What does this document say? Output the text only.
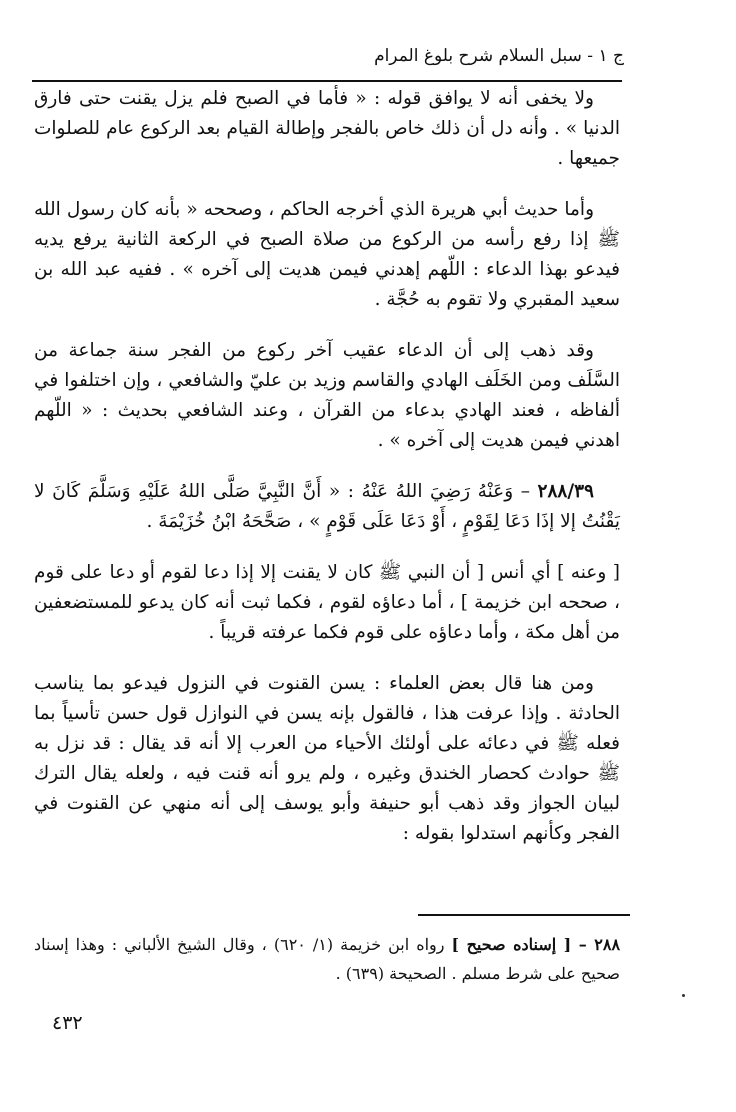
ج ١ - سبل السلام شرح بلوغ المرام

ولا يخفى أنه لا يوافق قوله : « فأما في الصبح فلم يزل يقنت حتى فارق الدنيا » . وأنه دل أن ذلك خاص بالفجر وإطالة القيام بعد الركوع عام للصلوات جميعها .

وأما حديث أبي هريرة الذي أخرجه الحاكم ، وصححه « بأنه كان رسول الله ﷺ إذا رفع رأسه من الركوع من صلاة الصبح في الركعة الثانية يرفع يديه فيدعو بهذا الدعاء : اللّهم إهدني فيمن هديت إلى آخره » . ففيه عبد الله بن سعيد المقبري ولا تقوم به حُجَّة .

وقد ذهب إلى أن الدعاء عقيب آخر ركوع من الفجر سنة جماعة من السَّلَف ومن الخَلَف الهادي والقاسم وزيد بن عليّ والشافعي ، وإن اختلفوا في ألفاظه ، فعند الهادي بدعاء من القرآن ، وعند الشافعي بحديث : « اللّهم اهدني فيمن هديت إلى آخره » .

٢٨٨/٣٩ – وَعَنْهُ رَضِيَ اللهُ عَنْهُ : « أَنَّ النَّبِيَّ صَلَّى اللهُ عَلَيْهِ وَسَلَّمَ كَانَ لا يَقْنُتُ إلا إذَا دَعَا لِقَوْمٍ ، أَوْ دَعَا عَلَى قَوْمٍ » ، صَحَّحَهُ ابْنُ خُزَيْمَةَ .

[ وعنه ] أي أنس [ أن النبي ﷺ كان لا يقنت إلا إذا دعا لقوم أو دعا على قوم ، صححه ابن خزيمة ] ، أما دعاؤه لقوم ، فكما ثبت أنه كان يدعو للمستضعفين من أهل مكة ، وأما دعاؤه على قوم فكما عرفته قريباً .

ومن هنا قال بعض العلماء : يسن القنوت في النزول فيدعو بما يناسب الحادثة . وإذا عرفت هذا ، فالقول بإنه يسن في النوازل قول حسن تأسياً بما فعله ﷺ في دعائه على أولئك الأحياء من العرب إلا أنه قد يقال : قد نزل به ﷺ حوادث كحصار الخندق وغيره ، ولم يرو أنه قنت فيه ، ولعله يقال الترك لبيان الجواز وقد ذهب أبو حنيفة وأبو يوسف إلى أنه منهي عن القنوت في الفجر وكأنهم استدلوا بقوله :

٢٨٨ – [ إسناده صحيح ] رواه ابن خزيمة (١/ ٦٢٠) ، وقال الشيخ الألباني : وهذا إسناد صحيح على شرط مسلم . الصحيحة (٦٣٩) .
٤٣٢
